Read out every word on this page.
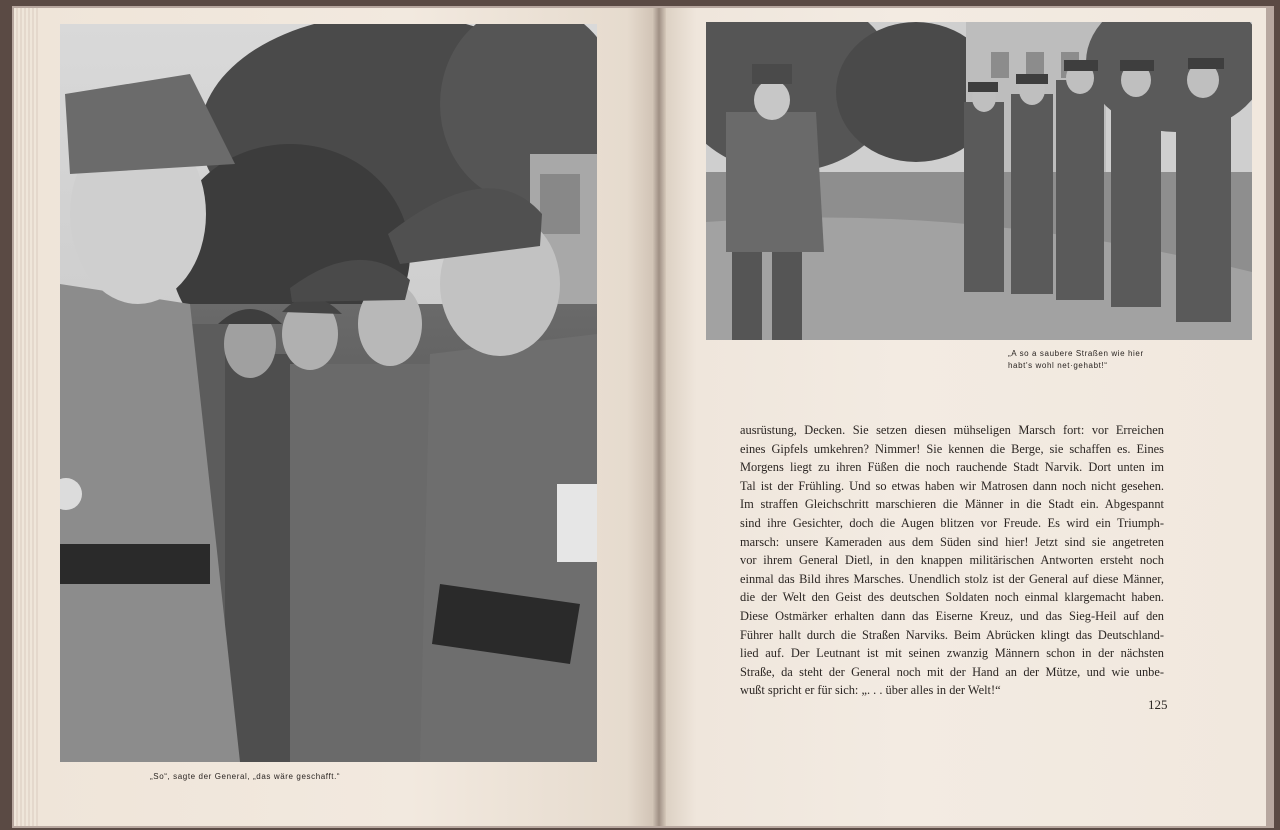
„So“, sagte der General, „das wäre geschafft.“
„A so a saubere Straßen wie hier
habt's wohl net·gehabt!“
ausrüstung, Decken. Sie setzen diesen mühseligen Marsch fort: vor Erreichen
eines Gipfels umkehren? Nimmer! Sie kennen die Berge, sie schaffen es. Eines
Morgens liegt zu ihren Füßen die noch rauchende Stadt Narvik. Dort unten im
Tal ist der Frühling. Und so etwas haben wir Matrosen dann noch nicht gesehen.
Im straffen Gleichschritt marschieren die Männer in die Stadt ein. Abgespannt
sind ihre Gesichter, doch die Augen blitzen vor Freude. Es wird ein Triumph-
marsch: unsere Kameraden aus dem Süden sind hier! Jetzt sind sie angetreten
vor ihrem General Dietl, in den knappen militärischen Antworten ersteht noch
einmal das Bild ihres Marsches. Unendlich stolz ist der General auf diese Männer,
die der Welt den Geist des deutschen Soldaten noch einmal klargemacht haben.
Diese Ostmärker erhalten dann das Eiserne Kreuz, und das Sieg-Heil auf den
Führer hallt durch die Straßen Narviks. Beim Abrücken klingt das Deutschland-
lied auf. Der Leutnant ist mit seinen zwanzig Männern schon in der nächsten
Straße, da steht der General noch mit der Hand an der Mütze, und wie unbe-
wußt spricht er für sich: „. . . über alles in der Welt!“
125
